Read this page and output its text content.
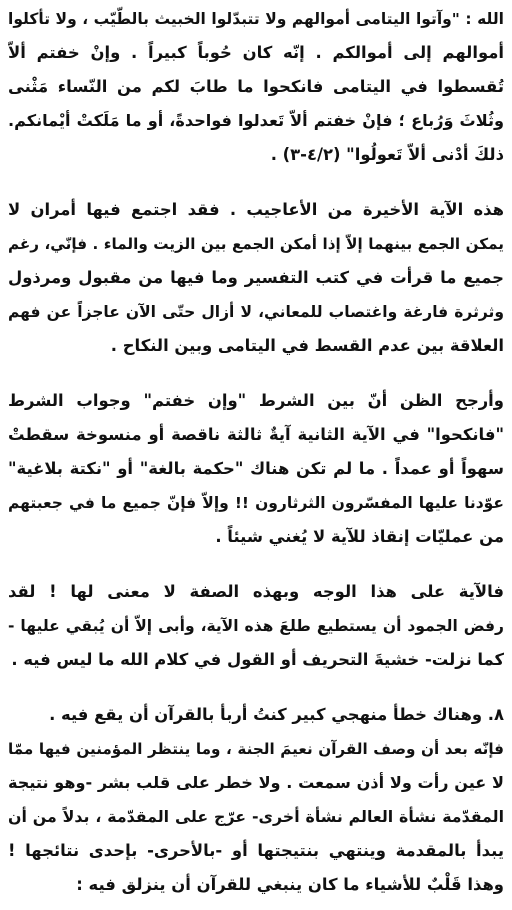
الله : "وآتوا اليتامى أموالهم ولا تتبدّلوا الخبيث بالطّيّب ، ولا تأكلوا
أموالهم إلى أموالكم . إنّه كان حُوباً كبيراً . وإنْ خفتم ألاّ
تُقسطوا في اليتامى فانكحوا ما طابَ لكم من النّساء مَثْنى
وثُلاثَ وَرُباع ؛ فإنْ خفتم ألاّ تَعدلوا فواحدةً، أو ما مَلَكتْ أيْمانكم.
ذلكَ أدْنى ألاّ تَعولُوا" (٤/٢-٣) .
هذه الآية الأخيرة من الأعاجيب . فقد اجتمع فيها أمران لا
يمكن الجمع بينهما إلاّ إذا أمكن الجمع بين الزيت والماء . فإنّي، رغم
جميع ما قرأت في كتب التفسير وما فيها من مقبول ومرذول
وثرثرة فارغة واغتصاب للمعاني، لا أزال حتّى الآن عاجزاً عن فهم
العلاقة بين عدم القسط في اليتامى وبين النكاح .
وأرجح الظن أنّ بين الشرط "وإن خفتم" وجواب الشرط
"فانكحوا" في الآية الثانية آيةٌ ثالثة ناقصة أو منسوخة سقطتْ
سهواً أو عمداً . ما لم تكن هناك "حكمة بالغة" أو "نكتة بلاغية"
عوّدنا عليها المفسّرون الثرثارون !! وإلاّ فإنّ جميع ما في جعبتهم
من عمليّات إنقاذ للآية لا يُغني شيئاً .
فالآية على هذا الوجه وبهذه الصفة لا معنى لها ! لقد
رفض الجمود أن يستطيع طلعَ هذه الآية، وأبى إلاّ أن يُبقي عليها -
كما نزلت- خشيةَ التحريف أو القول في كلام الله ما ليس فيه .
٨. وهناك خطأ منهجي كبير كنتُ أربأ بالقرآن أن يقع فيه .
فإنّه بعد أن وصف القرآن نعيمَ الجنة ، وما ينتظر المؤمنين فيها ممّا
لا عين رأت ولا أذن سمعت . ولا خطر على قلب بشر -وهو نتيجة
المقدّمة نشأة العالم نشأة أخرى- عرّج على المقدّمة ، بدلاً من أن
يبدأ بالمقدمة وينتهي بنتيجتها أو -بالأحرى- بإحدى نتائجها !
وهذا قَلْبٌ للأشياء ما كان ينبغي للقرآن أن ينزلق فيه :
